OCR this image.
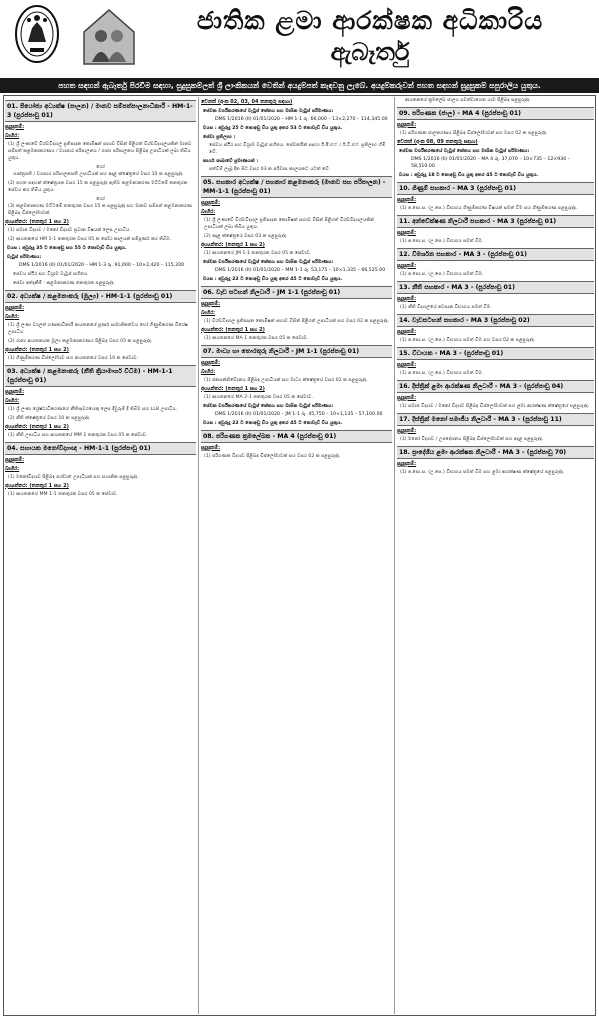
ජාතික ළමා ආරක්ෂක අධිකාරිය
ඇබෑර්තු
පහත සඳහන් ඇබෑර්තු පිරවීම සඳහා, සුදුසුකම්ලත් ශ්‍රී ලාංකිකයන් වෙතින් අයදුම්පත් කැඳවනු ලැබේ. අයදුම්කරුවන් පහත සඳහන් සුදුසුකම් සපුරාලිය යුතුය.
01. පියෝජ්‍ය අධ්‍යක්ෂ (පාලන) / මානව සම්පත්පාලනාධිකාරී - HM-1-3 (පුරප්පාඩු 01)
සුදුසුකම්:
බාහිර:
(1) ශ්‍රී ලංකාවේ විශ්වවිද්‍යාල ප්‍රතිපාදන කොමිෂන් සභාව විසින් පිළිගත් විශ්වවිද්‍යාලයකින් මානව සම්පත් කළමනාකරණය / ව්‍යාපාර පරිපාලනය / රාජ්‍ය පරිපාලනය පිළිබඳ උපාධියක් ලබා තිබිය යුතුය.
හෝ
ශාස්ත්‍රපති / ව්‍යාපාර පරිපාලනපති උපාධියක් සහ අදාළ ක්ෂේත්‍රයේ වසර 10 ක පළපුරුද්ද.
(2) පහත සඳහන් ක්ෂේත්‍රයක වසර 15 ක පළපුරුද්ද ඇතිව කළමනාකරණ මට්ටමේ තනතුරක සේවය කර තිබිය යුතුය.
හෝ
(3) කළමනාකරණ මට්ටමේ තනතුරක වසර 15 ක පළපුරුද්ද සහ මානව සම්පත් කළමනාකරණ පිළිබඳ ඩිප්ලෝමාවක්.
අභ්‍යන්තර: (තනතුර 1 සහ 2)
(1) සමාජ විද්‍යාව / මනෝ විද්‍යාව ප්‍රධාන විෂයක් ලෙස උපාධිය.
(2) ආයතනයේ HM 1-1 තනතුරක වසර 05 ක සේවා කාලයක් සම්පූර්ණ කර තිබීම.
වයස : අවුරුදු 35 ට නොඅඩු සහ 55 ට නොවැඩි විය යුතුය.
වැටුප් පරිමාණය:
DMS 1/2016 (II) 01/01/2020 – HM 1-3 රු. 91,000 – 10×2,420 – 115,200
සේවය ස්ථිර සහ විශ්‍රාම වැටුප් සහිතය.
සේවා අත්දැකීම් : කළමනාකරණ තනතුරක පළපුරුද්ද.
02. අධ්‍යක්ෂ / කළමනාකරු (මූල්‍ය) - HM-1-1 (පුරප්පාඩු 01)
සුදුසුකම්:
බාහිර:
(1) ශ්‍රී ලංකා වරලත් ගණකාධිකාරී ආයතනයේ පූර්ණ සාමාජිකත්වය හෝ ගිණුම්කරණ විශේෂ උපාධිය.
(2) රාජ්‍ය ආයතනයක මූල්‍ය කළමනාකරණය පිළිබඳ වසර 05 ක පළපුරුද්ද.
අභ්‍යන්තර: (තනතුර 1 සහ 2)
(1) ගිණුම්කරණ ඩිප්ලෝමාව සහ ආයතනයේ වසර 10 ක සේවාව.
03. අධ්‍යක්ෂ / කළමනාකරු (නීති ක්‍රියාමාර්ග විධිම) - HM-1-1 (පුරප්පාඩු 01)
සුදුසුකම්:
බාහිර:
(1) ශ්‍රී ලංකා ශ්‍රේෂ්ඨාධිකරණයේ නීතිඥවරයෙකු ලෙස දිවුරුම් දී තිබීම සහ LLB උපාධිය.
(2) නීති ක්ෂේත්‍රයේ වසර 10 ක පළපුරුද්ද.
අභ්‍යන්තර: (තනතුර 1 සහ 2)
(1) නීති උපාධිය සහ ආයතනයේ MM 1 තනතුරක වසර 05 ක සේවාව.
04. සහායක මනෝවිද්‍යාඥ - HM-1-1 (පුරප්පාඩු 01)
සුදුසුකම්:
බාහිර:
(1) මනෝවිද්‍යාව පිළිබඳ පශ්චාත් උපාධියක් සහ සායනික පළපුරුද්ද.
අභ්‍යන්තර: (තනතුර 1 සහ 2)
(1) ආයතනයේ MM 1-1 තනතුරක වසර 05 ක සේවාව.
වෙනත් (අංක 02, 03, 04 තනතුරු සඳහා)
සේවක වර්ගීකරණයේ වැටුප් කේතය සහ මාසික වැටුප් පරිමාණය:
DMS 1/2016 (II) 01/01/2020 – HM 1-1 රු. 66,000 – 13×2,270 – 114,345.00
වයස : අවුරුදු 25 ට නොඅඩු විය යුතු අතර 53 ට නොවැඩි විය යුතුය.
සේවා ප්‍රතිලාභ :
සේවය ස්ථිර සහ විශ්‍රාම වැටුප් සහිතය. සේවකයින් සඳහා ඊ.පී.එෆ්. / ඊ.ටී.එෆ්. ප්‍රතිලාභ හිමි වේ.
කාර්ය ශාඛාවේ ප්‍රමාණයන් :
පත්වීම් ලැබූ දින සිට වසර 03 ක පරිවාස කාලයකට යටත් වේ.
05. සහකාර අධ්‍යක්ෂ / සහකාර කළමනාකරු (මානව සහ පරිපාලන) - MM-1-1 (පුරප්පාඩු 01)
සුදුසුකම්:
බාහිර:
(1) ශ්‍රී ලංකාවේ විශ්වවිද්‍යාල ප්‍රතිපාදන කොමිෂන් සභාව විසින් පිළිගත් විශ්වවිද්‍යාලයකින් උපාධියක් ලබා තිබිය යුතුය.
(2) අදාළ ක්ෂේත්‍රයේ වසර 03 ක පළපුරුද්ද.
අභ්‍යන්තර: (තනතුර 1 සහ 2)
(1) ආයතනයේ JM 1-1 තනතුරක වසර 05 ක සේවාව.
සේවක වර්ගීකරණයේ වැටුප් කේතය සහ මාසික වැටුප් පරිමාණය:
DMS 1/2016 (II) 01/01/2020 – MM 1-1 රු. 53,175 – 10×1,335 – 66,525.00
වයස : අවුරුදු 22 ට නොඅඩු විය යුතු අතර 45 ට නොවැඩි විය යුතුය.
06. වැඩ සටහන් නිලධාරී - JM 1-1 (පුරප්පාඩු 01)
සුදුසුකම්:
බාහිර:
(1) විශ්වවිද්‍යාල ප්‍රතිපාදන කොමිෂන් සභාව විසින් පිළිගත් උපාධියක් සහ වසර 02 ක පළපුරුද්ද.
අභ්‍යන්තර: (තනතුර 1 සහ 2)
(1) ආයතනයේ MA 1 තනතුරක වසර 05 ක සේවාව.
07. මාධ්‍ය හා තොරතුරු නිලධාරී - JM 1-1 (පුරප්පාඩු 01)
සුදුසුකම්:
බාහිර:
(1) ජනසන්නිවේදනය පිළිබඳ උපාධියක් සහ මාධ්‍ය ක්ෂේත්‍රයේ වසර 02 ක පළපුරුද්ද.
අභ්‍යන්තර: (තනතුර 1 සහ 2)
(1) ආයතනයේ MA 2-1 තනතුරක වසර 05 ක සේවාව.
සේවක වර්ගීකරණයේ වැටුප් කේතය සහ මාසික වැටුප් පරිමාණය:
DMS 1/2016 (II) 01/01/2020 – JM 1-1 රු. 45,750 – 10×1,135 – 57,100.00
වයස : අවුරුදු 22 ට නොඅඩු විය යුතු අතර 45 ට නොවැඩි විය යුතුය.
08. පරිගණක ක්‍රමලේඛක - MA 4 (පුරප්පාඩු 01)
සුදුසුකම්:
(1) පරිගණක විද්‍යාව පිළිබඳ ඩිප්ලෝමාවක් සහ වසර 02 ක පළපුරුද්ද.
ආයතනයේ ක්‍රමලේඛ ජාලය පවත්වාගෙන යාම පිළිබඳ පළපුරුද්ද.
09. පරිගණක (ජාල) - MA 4 (පුරප්පාඩු 01)
සුදුසුකම්:
(1) පරිගණක ජාලකරණය පිළිබඳ ඩිප්ලෝමාවක් සහ වසර 02 ක පළපුරුද්ද.
වෙනත් (අංක 08, 09 තනතුරු සඳහා)
සේවක වර්ගීකරණයේ වැටුප් කේතය සහ මාසික වැටුප් පරිමාණය:
DMS 1/2016 (II) 01/01/2020 – MA 4 රු. 37,070 – 10×735 – 12×930 – 58,510.00
වයස : අවුරුදු 18 ට නොඅඩු විය යුතු අතර 45 ට නොවැඩි විය යුතුය.
10. ගිණුම් සහකාර - MA 3 (පුරප්පාඩු 01)
සුදුසුකම්:
(1) අ.පො.ස. (උ.පෙ.) විභාගය ගිණුම්කරණ විෂයන් සමත් වීම සහ ගිණුම්කරණ පළපුරුද්ද.
11. අන්වේක්ෂණ නිලධාරී සහකාර - MA 3 (පුරප්පාඩු 01)
සුදුසුකම්:
(1) අ.පො.ස. (උ.පෙ.) විභාගය සමත් වීම.
12. විමර්ශන සහකාර - MA 3 - (පුරප්පාඩු 01)
සුදුසුකම්:
(1) අ.පො.ස. (උ.පෙ.) විභාගය සමත් වීම.
13. නීති සහකාර - MA 3 - (පුරප්පාඩු 01)
සුදුසුකම්:
(1) නීති විද්‍යාලයේ අවසාන විභාගය සමත් වීම.
14. වැඩසටහන් සහකාර - MA 3 (පුරප්පාඩු 02)
සුදුසුකම්:
(1) අ.පො.ස. (උ.පෙ.) විභාගය සමත් වීම සහ වසර 02 ක පළපුරුද්ද.
15. විධායක - MA 3 - (පුරප්පාඩු 01)
සුදුසුකම්:
(1) අ.පො.ස. (උ.පෙ.) විභාගය සමත් වීම.
16. දිස්ත්‍රික් ළමා ආරක්ෂණ නිලධාරී - MA 3 - (පුරප්පාඩු 04)
සුදුසුකම්:
(1) සමාජ විද්‍යාව / මනෝ විද්‍යාව පිළිබඳ ඩිප්ලෝමාවක් සහ ළමා ආරක්ෂණ ක්ෂේත්‍රයේ පළපුරුද්ද.
17. දිස්ත්‍රික් මනෝ සමාජීය නිලධාරී - MA 3 - (පුරප්පාඩු 11)
සුදුසුකම්:
(1) මනෝ විද්‍යාව / උපදේශනය පිළිබඳ ඩිප්ලෝමාවක් සහ අදාළ පළපුරුද්ද.
18. ප්‍රාදේශීය ළමා ආරක්ෂක නිලධාරී - MA 3 - (පුරප්පාඩු 70)
සුදුසුකම්:
(1) අ.පො.ස. (උ.පෙ.) විභාගය සමත් වීම සහ ළමා ආරක්ෂණ ක්ෂේත්‍රයේ පළපුරුද්ද.
